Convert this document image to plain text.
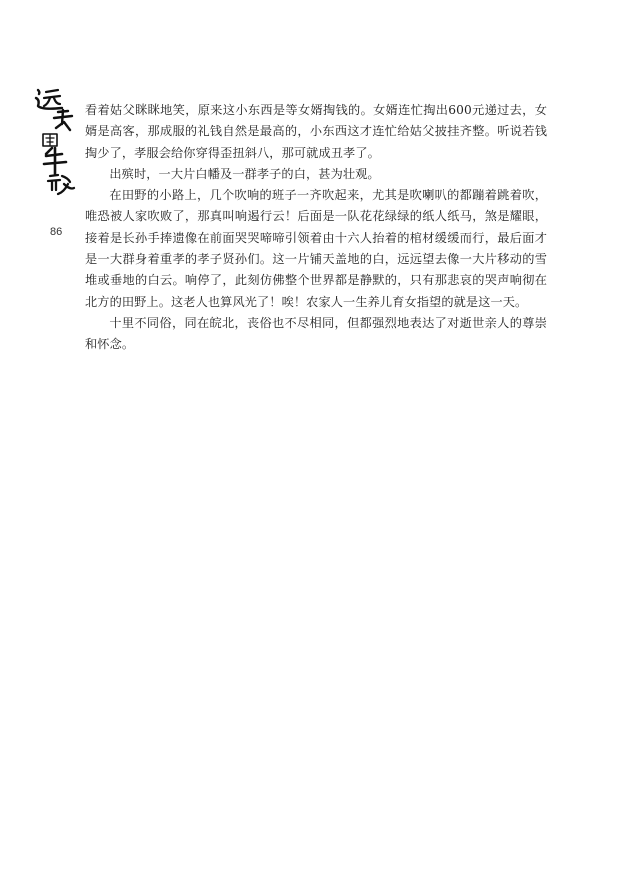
86

看着姑父眯眯地笑，原来这小东西是等女婿掏钱的。女婿连忙掏出600元递过去，女婿是高客，那成服的礼钱自然是最高的，小东西这才连忙给姑父披挂齐整。听说若钱掏少了，孝服会给你穿得歪扭斜八，那可就成丑孝了。

出殡时，一大片白幡及一群孝子的白，甚为壮观。

在田野的小路上，几个吹响的班子一齐吹起来，尤其是吹喇叭的都蹦着跳着吹，唯恐被人家吹败了，那真叫响遏行云！后面是一队花花绿绿的纸人纸马，煞是耀眼，接着是长孙手捧遗像在前面哭哭啼啼引领着由十六人抬着的棺材缓缓而行，最后面才是一大群身着重孝的孝子贤孙们。这一片铺天盖地的白，远远望去像一大片移动的雪堆或垂地的白云。响停了，此刻仿佛整个世界都是静默的，只有那悲哀的哭声响彻在北方的田野上。这老人也算风光了！唉！农家人一生养儿育女指望的就是这一天。

十里不同俗，同在皖北，丧俗也不尽相同，但都强烈地表达了对逝世亲人的尊崇和怀念。
